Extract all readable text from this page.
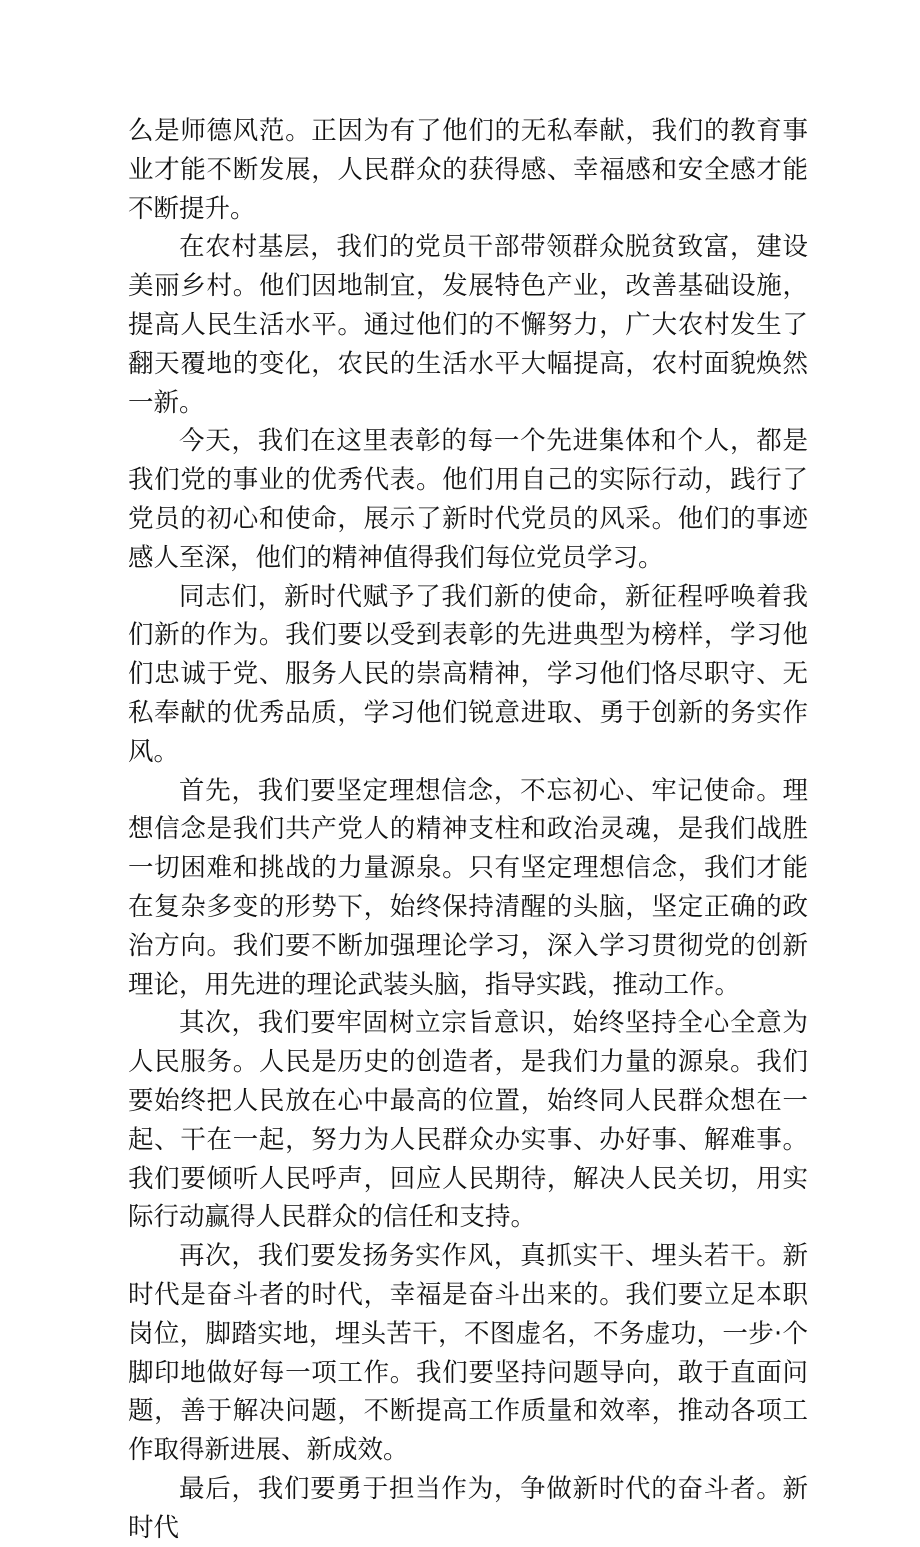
么是师德风范。正因为有了他们的无私奉献，我们的教育事业才能不断发展，人民群众的获得感、幸福感和安全感才能不断提升。

在农村基层，我们的党员干部带领群众脱贫致富，建设美丽乡村。他们因地制宜，发展特色产业，改善基础设施，提高人民生活水平。通过他们的不懈努力，广大农村发生了翻天覆地的变化，农民的生活水平大幅提高，农村面貌焕然一新。

今天，我们在这里表彰的每一个先进集体和个人，都是我们党的事业的优秀代表。他们用自己的实际行动，践行了党员的初心和使命，展示了新时代党员的风采。他们的事迹感人至深，他们的精神值得我们每位党员学习。

同志们，新时代赋予了我们新的使命，新征程呼唤着我们新的作为。我们要以受到表彰的先进典型为榜样，学习他们忠诚于党、服务人民的崇高精神，学习他们恪尽职守、无私奉献的优秀品质，学习他们锐意进取、勇于创新的务实作风。

首先，我们要坚定理想信念，不忘初心、牢记使命。理想信念是我们共产党人的精神支柱和政治灵魂，是我们战胜一切困难和挑战的力量源泉。只有坚定理想信念，我们才能在复杂多变的形势下，始终保持清醒的头脑，坚定正确的政治方向。我们要不断加强理论学习，深入学习贯彻党的创新理论，用先进的理论武装头脑，指导实践，推动工作。

其次，我们要牢固树立宗旨意识，始终坚持全心全意为人民服务。人民是历史的创造者，是我们力量的源泉。我们要始终把人民放在心中最高的位置，始终同人民群众想在一起、干在一起，努力为人民群众办实事、办好事、解难事。我们要倾听人民呼声，回应人民期待，解决人民关切，用实际行动赢得人民群众的信任和支持。

再次，我们要发扬务实作风，真抓实干、埋头若干。新时代是奋斗者的时代，幸福是奋斗出来的。我们要立足本职岗位，脚踏实地，埋头苦干，不图虚名，不务虚功，一步·个脚印地做好每一项工作。我们要坚持问题导向，敢于直面问题，善于解决问题，不断提高工作质量和效率，推动各项工作取得新进展、新成效。

最后，我们要勇于担当作为，争做新时代的奋斗者。新时代
